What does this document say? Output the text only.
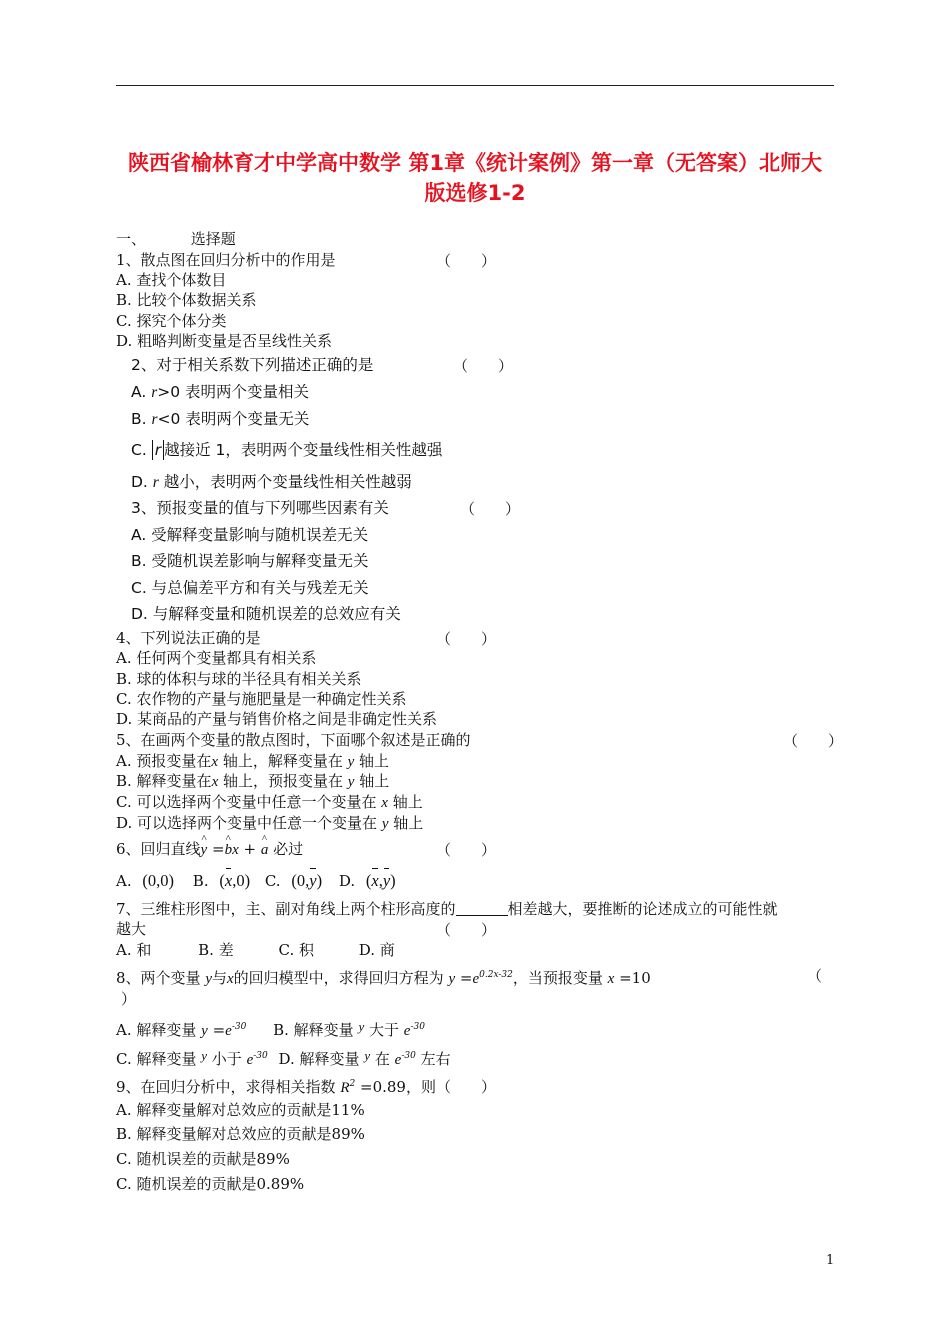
陕西省榆林育才中学高中数学 第1章《统计案例》第一章（无答案）北师大
版选修1-2
一、	选择题
1、散点图在回归分析中的作用是	（　　）
A. 查找个体数目
B. 比较个体数据关系
C. 探究个体分类
D. 粗略判断变量是否呈线性关系
2、对于相关系数下列描述正确的是	（　　）
A. r>0 表明两个变量相关
B. r<0 表明两个变量无关
C. r 越接近 1，表明两个变量线性相关性越强
D. r 越小，表明两个变量线性相关性越弱
3、预报变量的值与下列哪些因素有关	（　　）
A. 受解释变量影响与随机误差无关
B. 受随机误差影响与解释变量无关
C. 与总偏差平方和有关与残差无关
D. 与解释变量和随机误差的总效应有关
4、下列说法正确的是	（　　）
A. 任何两个变量都具有相关系
B. 球的体积与球的半径具有相关关系
C. 农作物的产量与施肥量是一种确定性关系
D. 某商品的产量与销售价格之间是非确定性关系
5、在画两个变量的散点图时，下面哪个叙述是正确的	（　　）
A. 预报变量在x 轴上，解释变量在 y 轴上
B. 解释变量在x 轴上，预报变量在 y 轴上
C. 可以选择两个变量中任意一个变量在 x 轴上
D. 可以选择两个变量中任意一个变量在 y 轴上
6、回归直线^ y =^ bx + ^ a 必过	（　　）
A. (0,0) B. (x,0) C. (0,y) D. (x,y)
7、三维柱形图中，主、副对角线上两个柱形高度的	相差越大，要推断的论述成立的可能性就
越大	（　　）
A. 和	B. 差	C. 积	D. 商
8、两个变量 y与x的回归模型中，求得回归方程为 $y =e^{0.2x-32}$，当预报变量 x =10	（
）
A. 解释变量 $y =e^{-30}$ B. 解释变量 y 大于 $e^{-30}$
C. 解释变量 y 小于 $e^{-30}$ D. 解释变量 y 在 $e^{-30}$ 左右
9、在回归分析中，求得相关指数 $R^2 =0.89$，则（　　）
A. 解释变量解对总效应的贡献是11%
B. 解释变量解对总效应的贡献是89%
C. 随机误差的贡献是89%
C. 随机误差的贡献是0.89%
1
